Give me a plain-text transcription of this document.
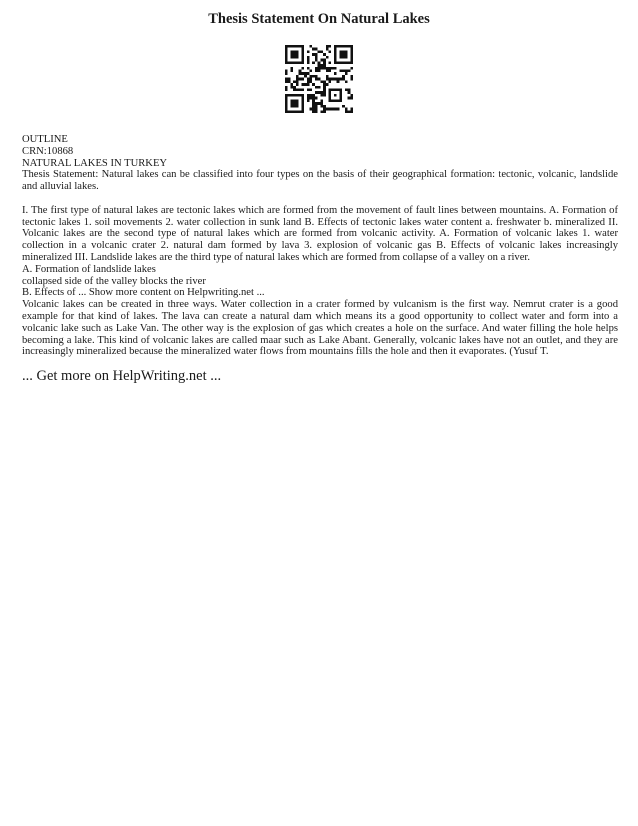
Thesis Statement On Natural Lakes
OUTLINE
CRN:10868
NATURAL LAKES IN TURKEY

Thesis Statement: Natural lakes can be classified into four types on the basis of their geographical formation: tectonic, volcanic, landslide and alluvial lakes.

I. The first type of natural lakes are tectonic lakes which are formed from the movement of fault lines between mountains. A. Formation of tectonic lakes 1. soil movements 2. water collection in sunk land B. Effects of tectonic lakes water content a. freshwater b. mineralized II. Volcanic lakes are the second type of natural lakes which are formed from volcanic activity. A. Formation of volcanic lakes 1. water collection in a volcanic crater 2. natural dam formed by lava 3. explosion of volcanic gas B. Effects of volcanic lakes increasingly mineralized III. Landslide lakes are the third type of natural lakes which are formed from collapse of a valley on a river.

A. Formation of landslide lakes
collapsed side of the valley blocks the river
B. Effects of ... Show more content on Helpwriting.net ...

Volcanic lakes can be created in three ways. Water collection in a crater formed by vulcanism is the first way. Nemrut crater is a good example for that kind of lakes. The lava can create a natural dam which means its a good opportunity to collect water and form into a volcanic lake such as Lake Van. The other way is the explosion of gas which creates a hole on the surface. And water filling the hole helps becoming a lake. This kind of volcanic lakes are called maar such as Lake Abant. Generally, volcanic lakes have not an outlet, and they are increasingly mineralized because the mineralized water flows from mountains fills the hole and then it evaporates. (Yusuf T.

... Get more on HelpWriting.net ...
